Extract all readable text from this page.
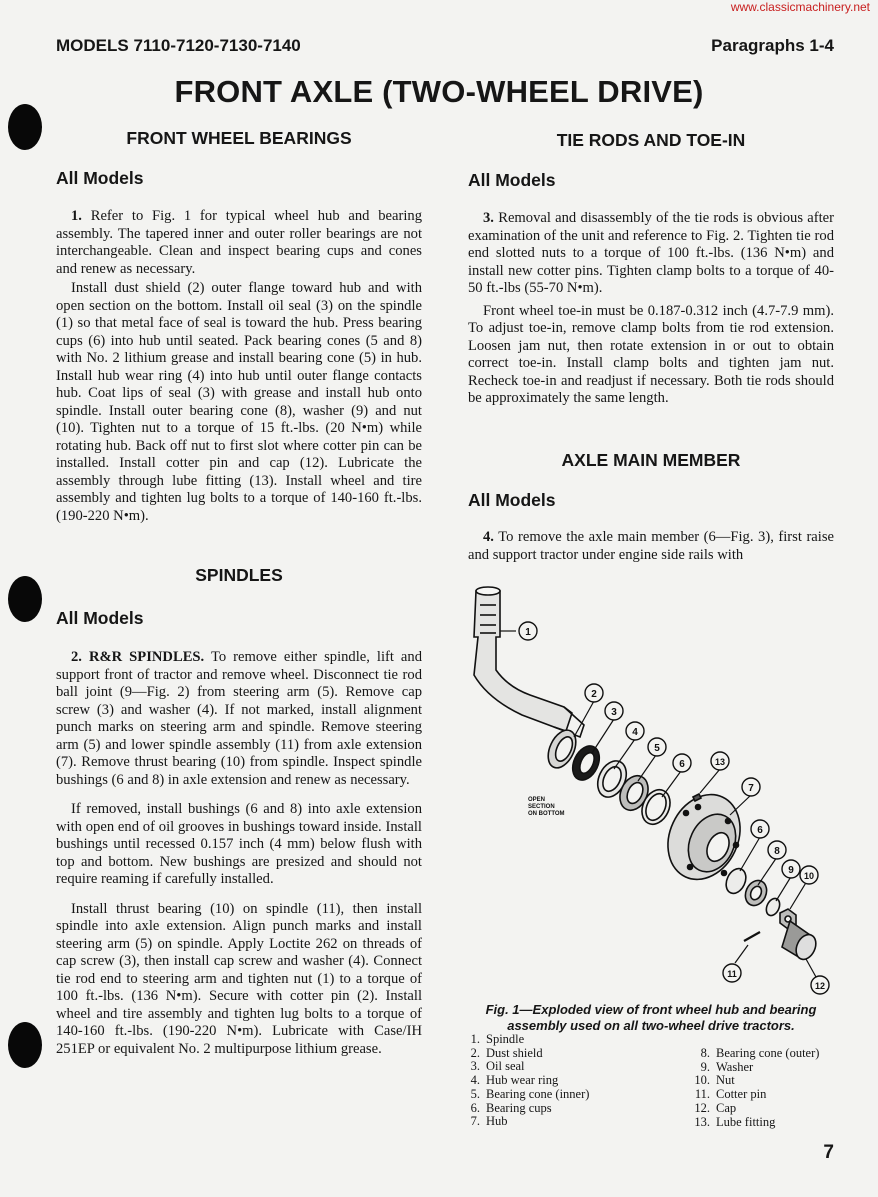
www.classicmachinery.net
MODELS 7110-7120-7130-7140	Paragraphs 1-4
FRONT AXLE (TWO-WHEEL DRIVE)
FRONT WHEEL BEARINGS
All Models

1. Refer to Fig. 1 for typical wheel hub and bearing assembly. The tapered inner and outer roller bearings are not interchangeable. Clean and inspect bearing cups and cones and renew as necessary.

Install dust shield (2) outer flange toward hub and with open section on the bottom. Install oil seal (3) on the spindle (1) so that metal face of seal is toward the hub. Press bearing cups (6) into hub until seated. Pack bearing cones (5 and 8) with No. 2 lithium grease and install bearing cone (5) in hub. Install hub wear ring (4) into hub until outer flange contacts hub. Coat lips of seal (3) with grease and install hub onto spindle. Install outer bearing cone (8), washer (9) and nut (10). Tighten nut to a torque of 15 ft.-lbs. (20 N•m) while rotating hub. Back off nut to first slot where cotter pin can be installed. Install cotter pin and cap (12). Lubricate the assembly through lube fitting (13). Install wheel and tire assembly and tighten lug bolts to a torque of 140-160 ft.-lbs. (190-220 N•m).

SPINDLES
All Models

2. R&R SPINDLES. To remove either spindle, lift and support front of tractor and remove wheel. Disconnect tie rod ball joint (9—Fig. 2) from steering arm (5). Remove cap screw (3) and washer (4). If not marked, install alignment punch marks on steering arm and spindle. Remove steering arm (5) and lower spindle assembly (11) from axle extension (7). Remove thrust bearing (10) from spindle. Inspect spindle bushings (6 and 8) in axle extension and renew as necessary.

If removed, install bushings (6 and 8) into axle extension with open end of oil grooves in bushings toward inside. Install bushings until recessed 0.157 inch (4 mm) below flush with top and bottom. New bushings are presized and should not require reaming if carefully installed.

Install thrust bearing (10) on spindle (11), then install spindle into axle extension. Align punch marks and install steering arm (5) on spindle. Apply Loctite 262 on threads of cap screw (3), then install cap screw and washer (4). Connect tie rod end to steering arm and tighten nut (1) to a torque of 100 ft.-lbs. (136 N•m). Secure with cotter pin (2). Install wheel and tire assembly and tighten lug bolts to a torque of 140-160 ft.-lbs. (190-220 N•m). Lubricate with Case/IH 251EP or equivalent No. 2 multipurpose lithium grease.

TIE RODS AND TOE-IN
All Models

3. Removal and disassembly of the tie rods is obvious after examination of the unit and reference to Fig. 2. Tighten tie rod end slotted nuts to a torque of 100 ft.-lbs. (136 N•m) and install new cotter pins. Tighten clamp bolts to a torque of 40-50 ft.-lbs (55-70 N•m).

Front wheel toe-in must be 0.187-0.312 inch (4.7-7.9 mm). To adjust toe-in, remove clamp bolts from tie rod extension. Loosen jam nut, then rotate extension in or out to obtain correct toe-in. Install clamp bolts and tighten jam nut. Recheck toe-in and readjust if necessary. Both tie rods should be approximately the same length.

AXLE MAIN MEMBER
All Models

4. To remove the axle main member (6—Fig. 3), first raise and support tractor under engine side rails with

1
2
3
4
5
6	13
7
6
8
9 10
11
12
OPEN
SECTION
ON BOTTOM
Fig. 1—Exploded view of front wheel hub and bearing
assembly used on all two-wheel drive tractors.
1. Spindle
2. Dust shield
3. Oil seal
4. Hub wear ring
5. Bearing cone (inner)
6. Bearing cups
7. Hub
8. Bearing cone (outer)
9. Washer
10. Nut
11. Cotter pin
12. Cap
13. Lube fitting
7
